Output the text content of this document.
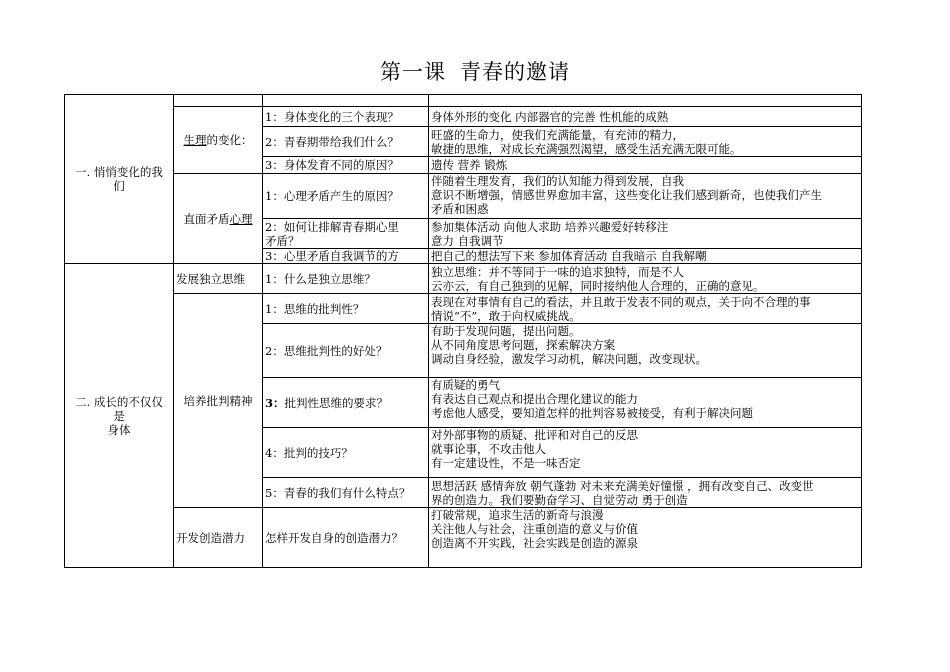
第一课 青春的邀请
一. 悄悄变化的我
们			

	生理的变化：	1：身体变化的三个表现？	身体外形的变化 内部器官的完善 性机能的成熟

		2：青春期带给我们什么？	旺盛的生命力，使我们充满能量，有充沛的精力，
敏捷的思维，对成长充满强烈渴望，感受生活充满无限可能。

		3：身体发育不同的原因？	遗传 营养 锻炼

	直面矛盾心理	1：心理矛盾产生的原因？	伴随着生理发育，我们的认知能力得到发展，自我
意识不断增强，情感世界愈加丰富，这些变化让我们感到新奇，也使我们产生
矛盾和困惑

		2：如何让排解青春期心里
矛盾？	参加集体活动 向他人求助 培养兴趣爱好转移注
意力 自我调节

		3：心里矛盾自我调节的方	把自己的想法写下来 参加体育活动 自我暗示 自我解嘲

二. 成长的不仅仅
是
身体	发展独立思维	1：什么是独立思维？	独立思维：并不等同于一味的追求独特，而是不人
云亦云，有自己独到的见解，同时接纳他人合理的，正确的意见。

	培养批判精神	1：思维的批判性？	表现在对事情有自己的看法，并且敢于发表不同的观点，关于向不合理的事
情说“不”，敢于向权威挑战。

		2：思维批判性的好处？	有助于发现问题，提出问题。
从不同角度思考问题，探索解决方案
调动自身经验，激发学习动机，解决问题，改变现状。

		3：批判性思维的要求？	有质疑的勇气
有表达自己观点和提出合理化建议的能力
考虑他人感受，要知道怎样的批判容易被接受，有利于解决问题

		4：批判的技巧？	对外部事物的质疑、批评和对自己的反思
就事论事，不攻击他人
有一定建设性，不是一味否定

		5：青春的我们有什么特点？	思想活跃 感情奔放 朝气蓬勃 对未来充满美好憧憬 ，拥有改变自己、改变世
界的创造力。我们要勤奋学习、自觉劳动 勇于创造

	开发创造潜力	怎样开发自身的创造潜力？	打破常规，追求生活的新奇与浪漫
关注他人与社会，注重创造的意义与价值
创造离不开实践，社会实践是创造的源泉
